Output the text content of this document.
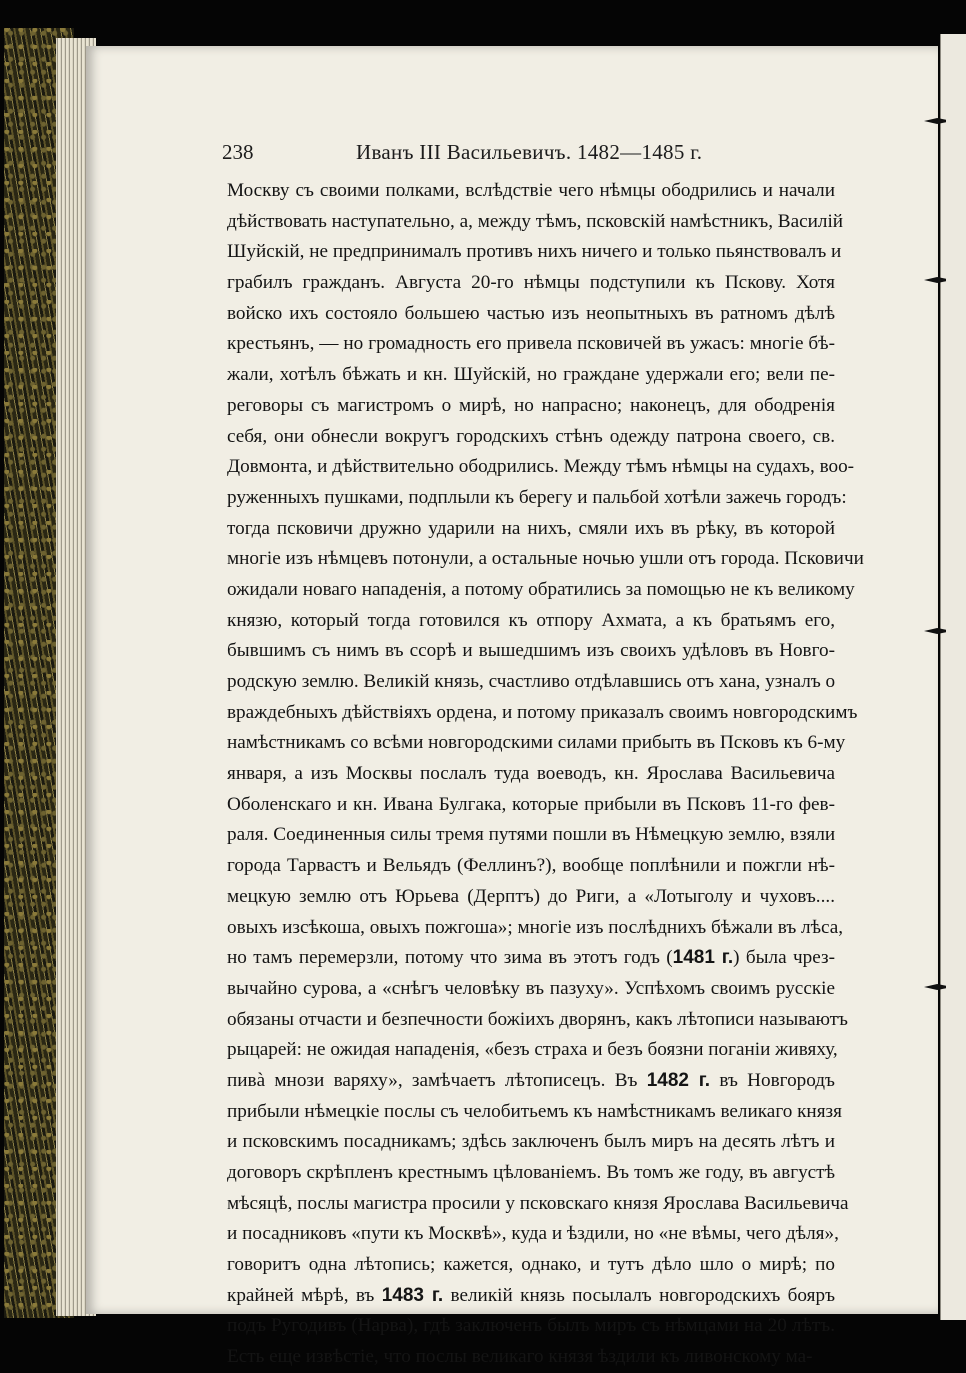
238	Иванъ III Васильевичъ. 1482—1485 г.
Москву съ своими полками, вслѣдствіе чего нѣмцы ободрились и начали
дѣйствовать наступательно, а, между тѣмъ, псковскій намѣстникъ, Василій
Шуйскій, не предпринималъ противъ нихъ ничего и только пьянствовалъ и
грабилъ гражданъ. Августа 20-го нѣмцы подступили къ Пскову. Хотя
войско ихъ состояло большею частью изъ неопытныхъ въ ратномъ дѣлѣ
крестьянъ, — но громадность его привела псковичей въ ужасъ: многіе бѣ-
жали, хотѣлъ бѣжать и кн. Шуйскій, но граждане удержали его; вели пе-
реговоры съ магистромъ о мирѣ, но напрасно; наконецъ, для ободренія
себя, они обнесли вокругъ городскихъ стѣнъ одежду патрона своего, св.
Довмонта, и дѣйствительно ободрились. Между тѣмъ нѣмцы на судахъ, воо-
руженныхъ пушками, подплыли къ берегу и пальбой хотѣли зажечь городъ:
тогда псковичи дружно ударили на нихъ, смяли ихъ въ рѣку, въ которой
многіе изъ нѣмцевъ потонули, а остальные ночью ушли отъ города. Псковичи
ожидали новаго нападенія, а потому обратились за помощью не къ великому
князю, который тогда готовился къ отпору Ахмата, а къ братьямъ его,
бывшимъ съ нимъ въ ссорѣ и вышедшимъ изъ своихъ удѣловъ въ Новго-
родскую землю. Великій князь, счастливо отдѣлавшись отъ хана, узналъ о
враждебныхъ дѣйствіяхъ ордена, и потому приказалъ своимъ новгородскимъ
намѣстникамъ со всѣми новгородскими силами прибыть въ Псковъ къ 6-му
января, а изъ Москвы послалъ туда воеводъ, кн. Ярослава Васильевича
Оболенскаго и кн. Ивана Булгака, которые прибыли въ Псковъ 11-го фев-
раля. Соединенныя силы тремя путями пошли въ Нѣмецкую землю, взяли
города Тарвастъ и Вельядъ (Феллинъ?), вообще поплѣнили и пожгли нѣ-
мецкую землю отъ Юрьева (Дерптъ) до Риги, а «Лотыголу и чуховъ....
овыхъ изсѣкоша, овыхъ пожгоша»; многіе изъ послѣднихъ бѣжали въ лѣса,
но тамъ перемерзли, потому что зима въ этотъ годъ (1481 г.) была чрез-
вычайно сурова, а «снѣгъ человѣку въ пазуху». Успѣхомъ своимъ русскіе
обязаны отчасти и безпечности божіихъ дворянъ, какъ лѣтописи называютъ
рыцарей: не ожидая нападенія, «безъ страха и безъ боязни поганіи живяху,
пивà мнози варяху», замѣчаетъ лѣтописецъ. Въ 1482 г. въ Новгородъ
прибыли нѣмецкіе послы съ челобитьемъ къ намѣстникамъ великаго князя
и псковскимъ посадникамъ; здѣсь заключенъ былъ миръ на десять лѣтъ и
договоръ скрѣпленъ крестнымъ цѣлованіемъ. Въ томъ же году, въ августѣ
мѣсяцѣ, послы магистра просили у псковскаго князя Ярослава Васильевича
и посадниковъ «пути къ Москвѣ», куда и ѣздили, но «не вѣмы, чего дѣля»,
говоритъ одна лѣтопись; кажется, однако, и тутъ дѣло шло о мирѣ; по
крайней мѣрѣ, въ 1483 г. великій князь посылалъ новгородскихъ бояръ
подъ Ругодивъ (Нарва), гдѣ заключенъ былъ миръ съ нѣмцами на 20 лѣтъ.
Есть еще извѣстіе, что послы великаго князя ѣздили къ ливонскому ма-
